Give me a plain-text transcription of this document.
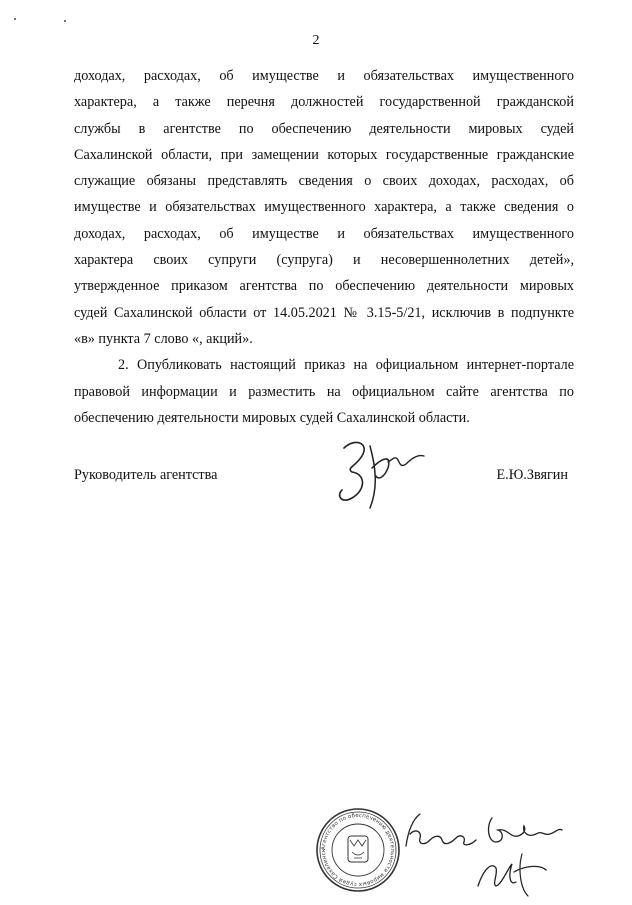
2
доходах, расходах, об имуществе и обязательствах имущественного
характера, а также перечня должностей государственной гражданской
службы в агентстве по обеспечению деятельности мировых судей
Сахалинской области, при замещении которых государственные гражданские
служащие обязаны представлять сведения о своих доходах, расходах, об
имуществе и обязательствах имущественного характера, а также сведения о
доходах, расходах, об имуществе и обязательствах имущественного
характера своих супруги (супруга) и несовершеннолетних детей»,
утвержденное приказом агентства по обеспечению деятельности мировых
судей Сахалинской области от 14.05.2021 № 3.15-5/21, исключив в подпункте
«в» пункта 7 слово «, акций».
2. Опубликовать настоящий приказ на официальном интернет-портале
правовой информации и разместить на официальном сайте агентства по
обеспечению деятельности мировых судей Сахалинской области.
Руководитель агентства	Е.Ю.Звягин
Агентство по обеспечению деятельности мировых судей Сахалинск
